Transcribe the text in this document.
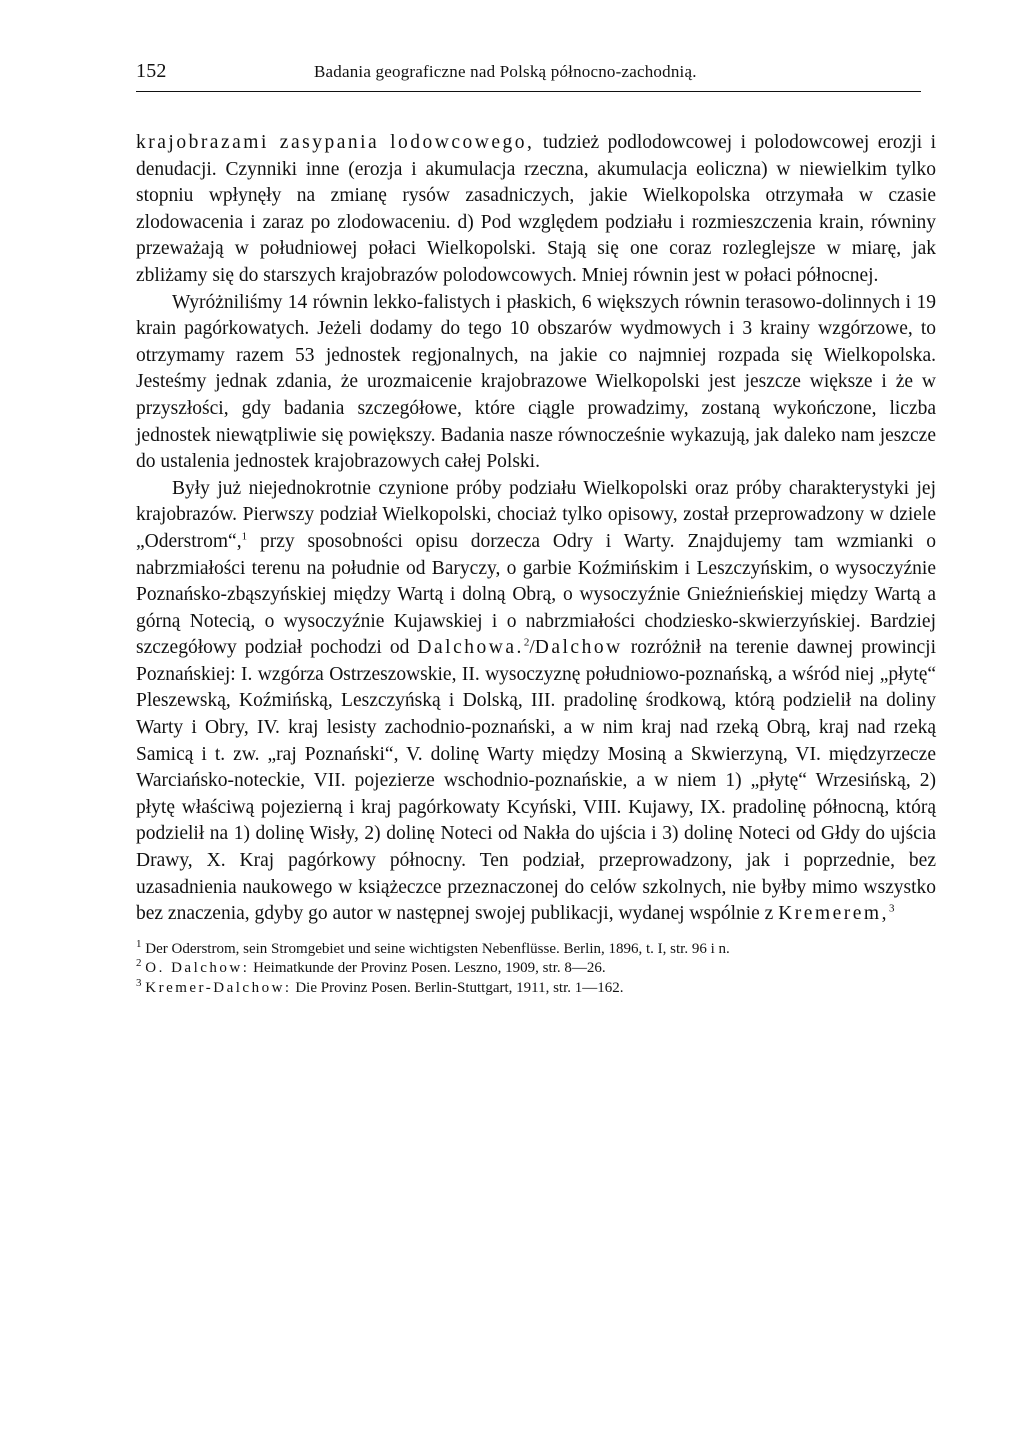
152	Badania geograficzne nad Polską północno-zachodnią.

krajobrazami zasypania lodowcowego, tudzież podlodowcowej i polodowcowej erozji i denudacji. Czynniki inne (erozja i akumulacja rzeczna, akumulacja eoliczna) w niewielkim tylko stopniu wpłynęły na zmianę rysów zasadniczych, jakie Wielkopolska otrzymała w czasie zlodowacenia i zaraz po zlodowaceniu. d) Pod względem podziału i rozmieszczenia krain, równiny przeważają w południowej połaci Wielkopolski. Stają się one coraz rozleglejsze w miarę, jak zbliżamy się do starszych krajobrazów polodowcowych. Mniej równin jest w połaci północnej.

Wyróżniliśmy 14 równin lekko-falistych i płaskich, 6 większych równin terasowo-dolinnych i 19 krain pagórkowatych. Jeżeli dodamy do tego 10 obszarów wydmowych i 3 krainy wzgórzowe, to otrzymamy razem 53 jednostek regjonalnych, na jakie co najmniej rozpada się Wielkopolska. Jesteśmy jednak zdania, że urozmaicenie krajobrazowe Wielkopolski jest jeszcze większe i że w przyszłości, gdy badania szczegółowe, które ciągle prowadzimy, zostaną wykończone, liczba jednostek niewątpliwie się powiększy. Badania nasze równocześnie wykazują, jak daleko nam jeszcze do ustalenia jednostek krajobrazowych całej Polski.

Były już niejednokrotnie czynione próby podziału Wielkopolski oraz próby charakterystyki jej krajobrazów. Pierwszy podział Wielkopolski, chociaż tylko opisowy, został przeprowadzony w dziele „Oderstrom“,$^1$ przy sposobności opisu dorzecza Odry i Warty. Znajdujemy tam wzmianki o nabrzmiałości terenu na południe od Baryczy, o garbie Koźmińskim i Leszczyńskim, o wysoczyźnie Poznańsko-zbąszyńskiej między Wartą i dolną Obrą, o wysoczyźnie Gnieźnieńskiej między Wartą a górną Notecią, o wysoczyźnie Kujawskiej i o nabrzmiałości chodziesko-skwierzyńskiej. Bardziej szczegółowy podział pochodzi od Dalchowa.$^2$/Dalchow rozróżnił na terenie dawnej prowincji Poznańskiej: I. wzgórza Ostrzeszowskie, II. wysoczyznę południowo-poznańską, a wśród niej „płytę“ Pleszewską, Koźmińską, Leszczyńską i Dolską, III. pradolinę środkową, którą podzielił na doliny Warty i Obry, IV. kraj lesisty zachodnio-poznański, a w nim kraj nad rzeką Obrą, kraj nad rzeką Samicą i t. zw. „raj Poznański“, V. dolinę Warty między Mosiną a Skwierzyną, VI. międzyrzecze Warciańsko-noteckie, VII. pojezierze wschodnio-poznańskie, a w niem 1) „płytę“ Wrzesińską, 2) płytę właściwą pojezierną i kraj pagórkowaty Kcyński, VIII. Kujawy, IX. pradolinę północną, którą podzielił na 1) dolinę Wisły, 2) dolinę Noteci od Nakła do ujścia i 3) dolinę Noteci od Głdy do ujścia Drawy, X. Kraj pagórkowy północny. Ten podział, przeprowadzony, jak i poprzednie, bez uzasadnienia naukowego w książeczce przeznaczonej do celów szkolnych, nie byłby mimo wszystko bez znaczenia, gdyby go autor w następnej swojej publikacji, wydanej wspólnie z Kremerem,$^3$

$^1$ Der Oderstrom, sein Stromgebiet und seine wichtigsten Nebenflüsse. Berlin, 1896, t. I, str. 96 i n.

$^2$ O. Dalchow: Heimatkunde der Provinz Posen. Leszno, 1909, str. 8—26.

$^3$ Kremer-Dalchow: Die Provinz Posen. Berlin-Stuttgart, 1911, str. 1—162.
